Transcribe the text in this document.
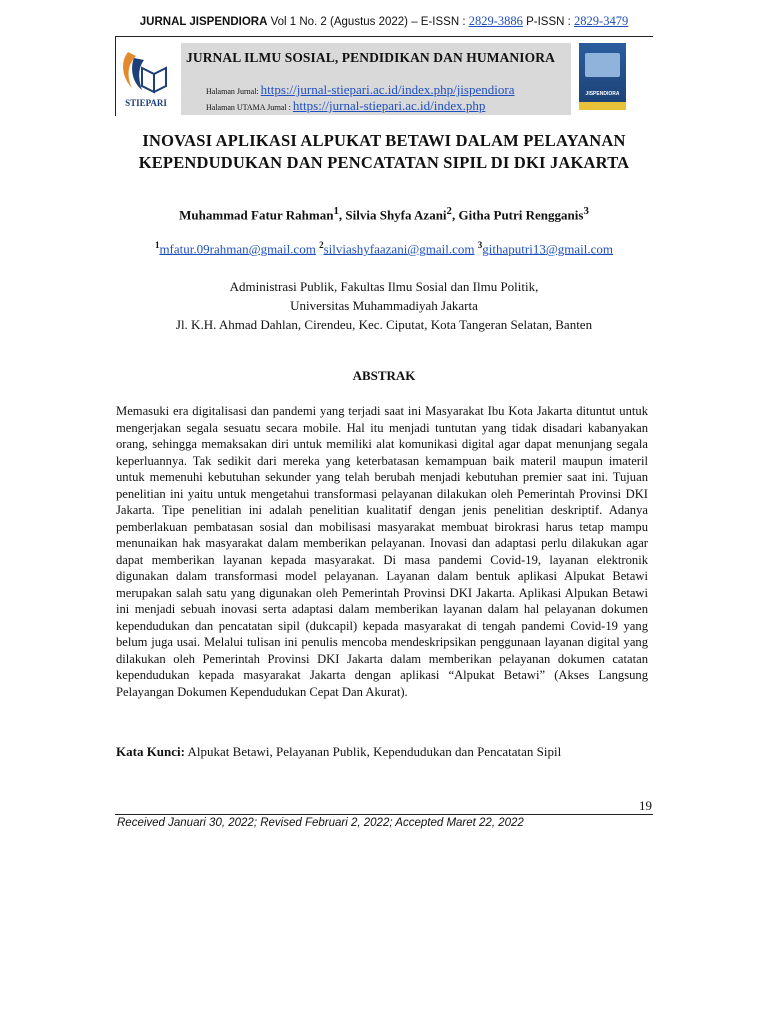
JURNAL JISPENDIORA Vol 1 No. 2 (Agustus 2022) – E-ISSN : 2829-3886 P-ISSN : 2829-3479
STIEPARI
JURNAL ILMU SOSIAL, PENDIDIKAN DAN HUMANIORA
Halaman Jurnal: https://jurnal-stiepari.ac.id/index.php/jispendiora
Halaman UTAMA Jurnal : https://jurnal-stiepari.ac.id/index.php
JISPENDIORA
INOVASI APLIKASI ALPUKAT BETAWI DALAM PELAYANAN
KEPENDUDUKAN DAN PENCATATAN SIPIL DI DKI JAKARTA
Muhammad Fatur Rahman$^1$, Silvia Shyfa Azani$^2$, Githa Putri Rengganis$^3$
$^1$mfatur.09rahman@gmail.com $^2$silviashyfaazani@gmail.com $^3$githaputri13@gmail.com
Administrasi Publik, Fakultas Ilmu Sosial dan Ilmu Politik,
Universitas Muhammadiyah Jakarta
Jl. K.H. Ahmad Dahlan, Cirendeu, Kec. Ciputat, Kota Tangeran Selatan, Banten
ABSTRAK
Memasuki era digitalisasi dan pandemi yang terjadi saat ini Masyarakat Ibu Kota Jakarta dituntut untuk mengerjakan segala sesuatu secara mobile. Hal itu menjadi tuntutan yang tidak disadari kabanyakan orang, sehingga memaksakan diri untuk memiliki alat komunikasi digital agar dapat menunjang segala keperluannya. Tak sedikit dari mereka yang keterbatasan kemampuan baik materil maupun imateril untuk memenuhi kebutuhan sekunder yang telah berubah menjadi kebutuhan premier saat ini. Tujuan penelitian ini yaitu untuk mengetahui transformasi pelayanan dilakukan oleh Pemerintah Provinsi DKI Jakarta. Tipe penelitian ini adalah penelitian kualitatif dengan jenis penelitian deskriptif. Adanya pemberlakuan pembatasan sosial dan mobilisasi masyarakat membuat birokrasi harus tetap mampu menunaikan hak masyarakat dalam memberikan pelayanan. Inovasi dan adaptasi perlu dilakukan agar dapat memberikan layanan kepada masyarakat. Di masa pandemi Covid-19, layanan elektronik digunakan dalam transformasi model pelayanan. Layanan dalam bentuk aplikasi Alpukat Betawi merupakan salah satu yang digunakan oleh Pemerintah Provinsi DKI Jakarta. Aplikasi Alpukan Betawi ini menjadi sebuah inovasi serta adaptasi dalam memberikan layanan dalam hal pelayanan dokumen kependudukan dan pencatatan sipil (dukcapil) kepada masyarakat di tengah pandemi Covid-19 yang belum juga usai. Melalui tulisan ini penulis mencoba mendeskripsikan penggunaan layanan digital yang dilakukan oleh Pemerintah Provinsi DKI Jakarta dalam memberikan pelayanan dokumen catatan kependudukan kepada masyarakat Jakarta dengan aplikasi “Alpukat Betawi” (Akses Langsung Pelayangan Dokumen Kependudukan Cepat Dan Akurat).
Kata Kunci: Alpukat Betawi, Pelayanan Publik, Kependudukan dan Pencatatan Sipil
19
Received Januari 30, 2022; Revised Februari 2, 2022; Accepted Maret 22, 2022
